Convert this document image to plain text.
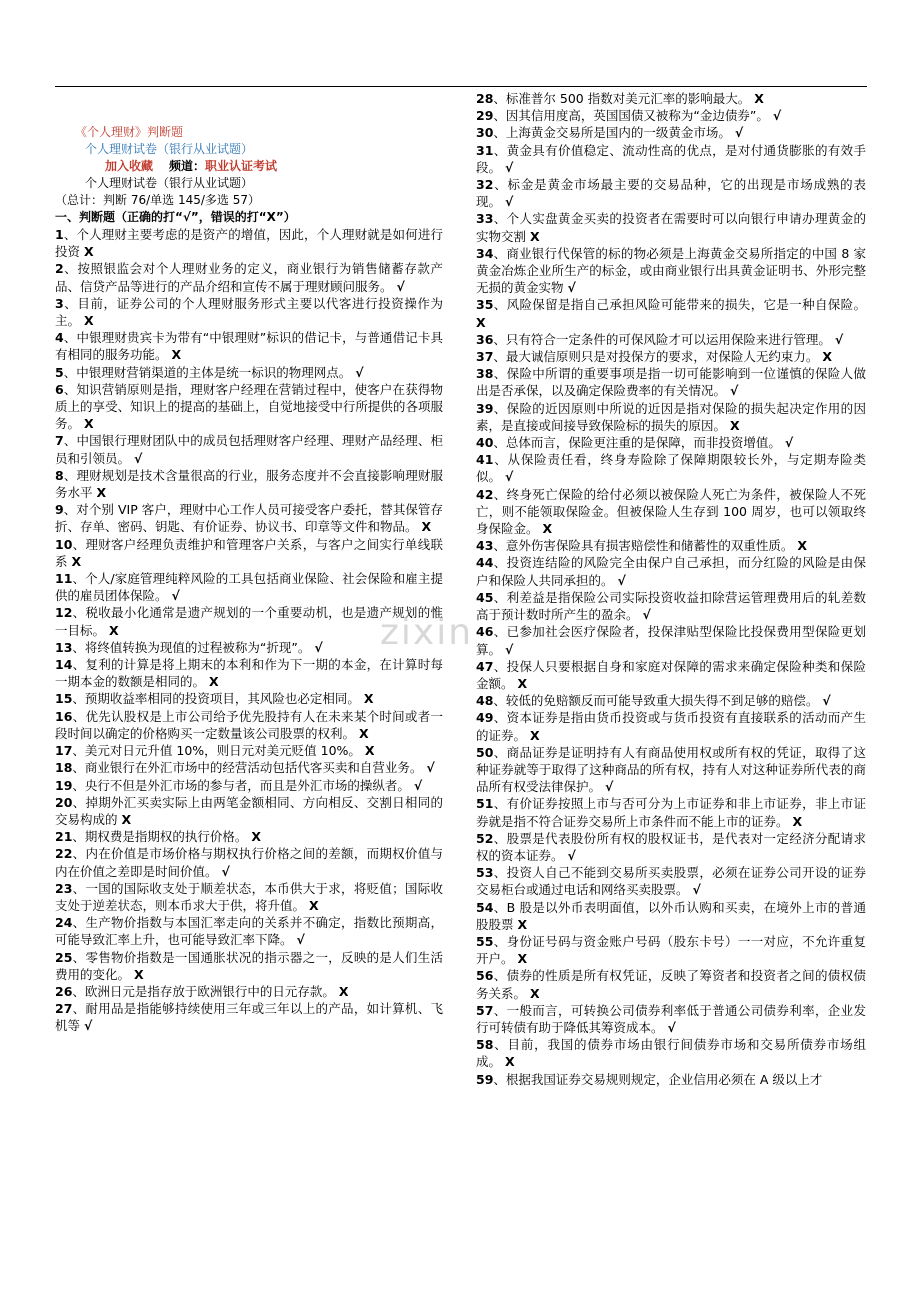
zixin
《个人理财》判断题
个人理财试卷（银行从业试题）
加入收藏 频道：职业认证考试
个人理财试卷（银行从业试题）
（总计：判断 76/单选 145/多选 57）
一、判断题（正确的打“√”，错误的打“X”）
1、个人理财主要考虑的是资产的增值，因此，个人理财就是如何进行投资 X
2、按照银监会对个人理财业务的定义，商业银行为销售储蓄存款产品、信贷产品等进行的产品介绍和宣传不属于理财顾问服务。 √
3、目前，证券公司的个人理财服务形式主要以代客进行投资操作为主。 X
4、中银理财贵宾卡为带有“中银理财”标识的借记卡，与普通借记卡具有相同的服务功能。 X
5、中银理财营销渠道的主体是统一标识的物理网点。 √
6、知识营销原则是指，理财客户经理在营销过程中，使客户在获得物质上的享受、知识上的提高的基础上，自觉地接受中行所提供的各项服务。 X
7、中国银行理财团队中的成员包括理财客户经理、理财产品经理、柜员和引领员。 √
8、理财规划是技术含量很高的行业，服务态度并不会直接影响理财服务水平 X
9、对个别 VIP 客户，理财中心工作人员可接受客户委托，替其保管存折、存单、密码、钥匙、有价证券、协议书、印章等文件和物品。 X
10、理财客户经理负责维护和管理客户关系，与客户之间实行单线联系 X
11、个人/家庭管理纯粹风险的工具包括商业保险、社会保险和雇主提供的雇员团体保险。 √
12、税收最小化通常是遗产规划的一个重要动机，也是遗产规划的惟一目标。 X
13、将终值转换为现值的过程被称为“折现”。 √
14、复利的计算是将上期末的本利和作为下一期的本金，在计算时每一期本金的数额是相同的。 X
15、预期收益率相同的投资项目，其风险也必定相同。 X
16、优先认股权是上市公司给予优先股持有人在未来某个时间或者一段时间以确定的价格购买一定数量该公司股票的权利。 X
17、美元对日元升值 10%，则日元对美元贬值 10%。 X
18、商业银行在外汇市场中的经营活动包括代客买卖和自营业务。 √
19、央行不但是外汇市场的参与者，而且是外汇市场的操纵者。 √
20、掉期外汇买卖实际上由两笔金额相同、方向相反、交割日相同的交易构成的 X
21、期权费是指期权的执行价格。 X
22、内在价值是市场价格与期权执行价格之间的差额，而期权价值与内在价值之差即是时间价值。 √
23、一国的国际收支处于顺差状态，本币供大于求，将贬值；国际收支处于逆差状态，则本币求大于供，将升值。 X
24、生产物价指数与本国汇率走向的关系并不确定，指数比预期高，可能导致汇率上升，也可能导致汇率下降。 √
25、零售物价指数是一国通胀状况的指示器之一，反映的是人们生活费用的变化。 X
26、欧洲日元是指存放于欧洲银行中的日元存款。 X
27、耐用品是指能够持续使用三年或三年以上的产品，如计算机、飞机等 √
28、标准普尔 500 指数对美元汇率的影响最大。 X
29、因其信用度高，英国国债又被称为“金边债券”。 √
30、上海黄金交易所是国内的一级黄金市场。 √
31、黄金具有价值稳定、流动性高的优点，是对付通货膨胀的有效手段。 √
32、标金是黄金市场最主要的交易品种，它的出现是市场成熟的表现。 √
33、个人实盘黄金买卖的投资者在需要时可以向银行申请办理黄金的实物交割 X
34、商业银行代保管的标的物必须是上海黄金交易所指定的中国 8 家黄金冶炼企业所生产的标金，或由商业银行出具黄金证明书、外形完整无损的黄金实物 √
35、风险保留是指自己承担风险可能带来的损失，它是一种自保险。 X
36、只有符合一定条件的可保风险才可以运用保险来进行管理。 √
37、最大诚信原则只是对投保方的要求，对保险人无约束力。 X
38、保险中所谓的重要事项是指一切可能影响到一位谨慎的保险人做出是否承保，以及确定保险费率的有关情况。 √
39、保险的近因原则中所说的近因是指对保险的损失起决定作用的因素，是直接或间接导致保险标的损失的原因。 X
40、总体而言，保险更注重的是保障，而非投资增值。 √
41、从保险责任看，终身寿险除了保障期限较长外，与定期寿险类似。 √
42、终身死亡保险的给付必须以被保险人死亡为条件，被保险人不死亡，则不能领取保险金。但被保险人生存到 100 周岁，也可以领取终身保险金。 X
43、意外伤害保险具有损害赔偿性和储蓄性的双重性质。 X
44、投资连结险的风险完全由保户自己承担，而分红险的风险是由保户和保险人共同承担的。 √
45、利差益是指保险公司实际投资收益扣除营运管理费用后的轧差数高于预计数时所产生的盈余。 √
46、已参加社会医疗保险者，投保津贴型保险比投保费用型保险更划算。 √
47、投保人只要根据自身和家庭对保障的需求来确定保险种类和保险金额。 X
48、较低的免赔额反而可能导致重大损失得不到足够的赔偿。 √
49、资本证券是指由货币投资或与货币投资有直接联系的活动而产生的证券。 X
50、商品证券是证明持有人有商品使用权或所有权的凭证，取得了这种证券就等于取得了这种商品的所有权，持有人对这种证券所代表的商品所有权受法律保护。 √
51、有价证券按照上市与否可分为上市证券和非上市证券，非上市证券就是指不符合证券交易所上市条件而不能上市的证券。 X
52、股票是代表股份所有权的股权证书，是代表对一定经济分配请求权的资本证券。 √
53、投资人自己不能到交易所买卖股票，必须在证券公司开设的证券交易柜台或通过电话和网络买卖股票。 √
54、B 股是以外币表明面值，以外币认购和买卖，在境外上市的普通股股票 X
55、身份证号码与资金账户号码（股东卡号）一一对应，不允许重复开户。 X
56、债券的性质是所有权凭证，反映了筹资者和投资者之间的债权债务关系。 X
57、一般而言，可转换公司债券利率低于普通公司债券利率，企业发行可转债有助于降低其筹资成本。 √
58、目前，我国的债券市场由银行间债券市场和交易所债券市场组成。 X
59、根据我国证券交易规则规定，企业信用必须在 A 级以上才
